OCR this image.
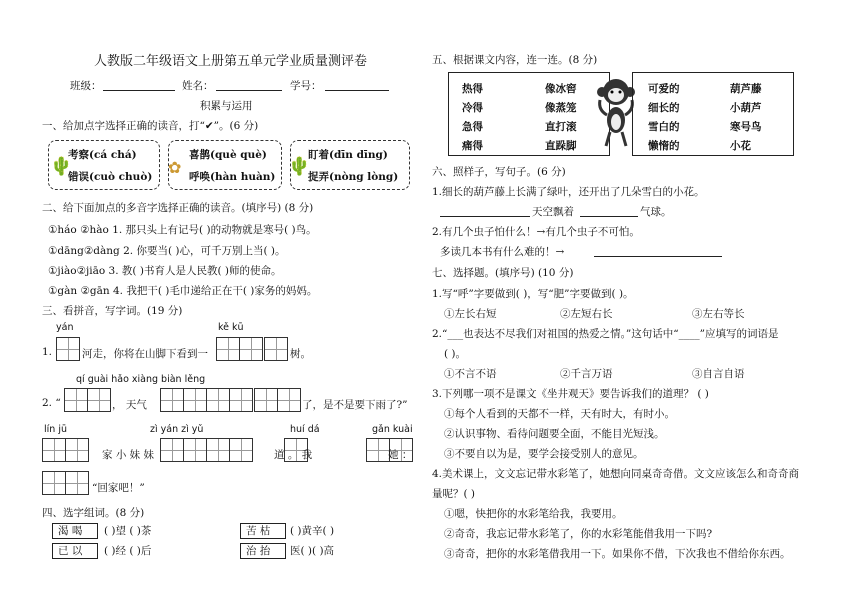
人教版二年级语文上册第五单元学业质量测评卷
班级：	姓名：	学号：
积累与运用
一、给加点字选择正确的读音，打“✔”。(6 分)
🌵
考察(cá chá)
错误(cuò chuò) ✿
喜鹊(què què)
呼唤(hàn huàn) 🌵
盯着(dīn dīng)
捉弄(nòng lòng)
二、给下面加点的多音字选择正确的读音。(填序号) (8 分)
①háo ②hào 1. 那只头上有记号( )的动物就是寒号( )鸟。
①dāng②dàng 2. 你要当( )心，可千万别上当( )。
①jiào②jiāo 3. 教( )书育人是人民教( )师的使命。
①gàn ②gān 4. 我把干( )毛巾递给正在干( )家务的妈妈。
三、看拼音，写字词。(19 分)
yán	kě kū
1.	河走，你将在山脚下看到一	树。
qí guài hǎo xiàng biàn lěng
2. “	， 天气	了，是不是要下雨了?”
lín jū	zì yán zì yǔ	huí dá	gǎn kuài
家 小 妹 妹	道 。 我	她 ：
“回家吧！”
四、选字组词。(8 分)
渴 喝 ( )望 ( )茶
已 以 ( )经 ( )后
苦 枯 ( )黄辛( )
治 抬 医( )( )高
五、根据课文内容，连一连。(8 分)
热得
冷得
急得
痛得
像冰窖
像蒸笼
直打滚
直跺脚
可爱的
细长的
雪白的
懒惰的
葫芦藤
小葫芦
寒号鸟
小花
六、照样子，写句子。(6 分)
1.细长的葫芦藤上长满了绿叶，还开出了几朵雪白的小花。
天空飘着	气球。
2.有几个虫子怕什么！→有几个虫子不可怕。
多读几本书有什么难的！→
七、选择题。(填序号) (10 分)
1.写“呼”字要做到( )，写“肥”字要做到( )。
①左长右短	②左短右长	③左右等长
2.“___也表达不尽我们对祖国的热爱之情。”这句话中“____”应填写的词语是
( )。
①不言不语	②千言万语	③自言自语
3.下列哪一项不是课文《坐井观天》要告诉我们的道理？ ( )
①每个人看到的天都不一样，天有时大，有时小。
②认识事物、看待问题要全面，不能目光短浅。
③不要自以为是，要学会接受别人的意见。
4.美术课上，文文忘记带水彩笔了，她想向同桌奇奇借。文文应该怎么和奇奇商
量呢？( )
①嗯，快把你的水彩笔给我，我要用。
②奇奇，我忘记带水彩笔了，你的水彩笔能借我用一下吗?
③奇奇，把你的水彩笔借我用一下。如果你不借，下次我也不借给你东西。
